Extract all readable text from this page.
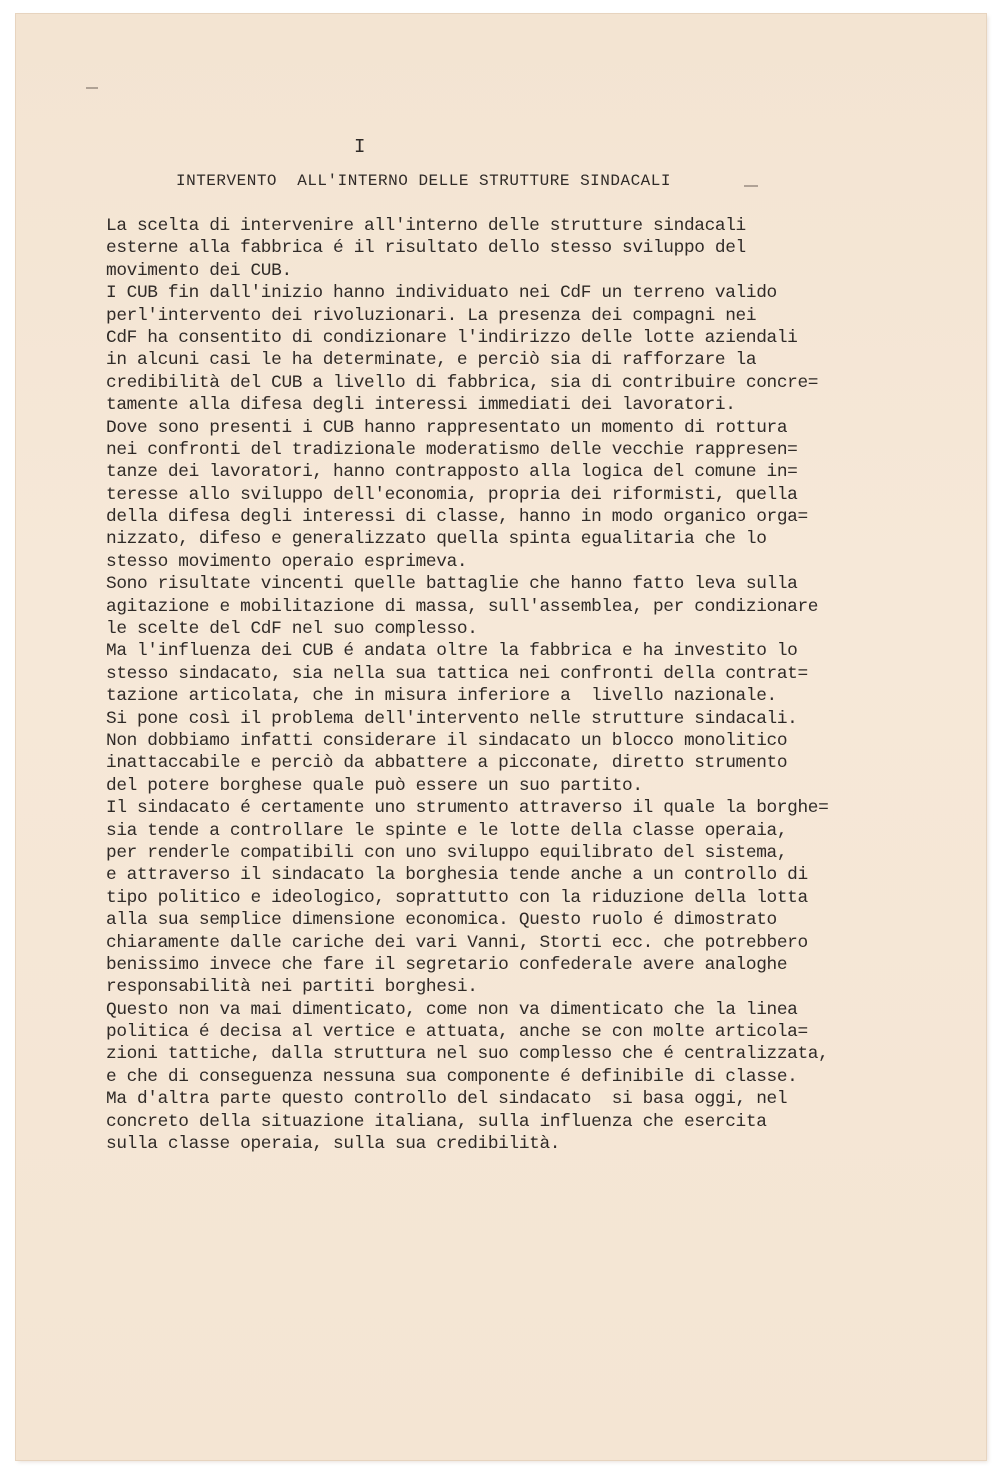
I
INTERVENTO  ALL'INTERNO DELLE STRUTTURE SINDACALI
La scelta di intervenire all'interno delle strutture sindacali
esterne alla fabbrica é il risultato dello stesso sviluppo del
movimento dei CUB.
I CUB fin dall'inizio hanno individuato nei CdF un terreno valido
perl'intervento dei rivoluzionari. La presenza dei compagni nei
CdF ha consentito di condizionare l'indirizzo delle lotte aziendali
in alcuni casi le ha determinate, e perciò sia di rafforzare la
credibilità del CUB a livello di fabbrica, sia di contribuire concre=
tamente alla difesa degli interessi immediati dei lavoratori.
Dove sono presenti i CUB hanno rappresentato un momento di rottura
nei confronti del tradizionale moderatismo delle vecchie rappresen=
tanze dei lavoratori, hanno contrapposto alla logica del comune in=
teresse allo sviluppo dell'economia, propria dei riformisti, quella
della difesa degli interessi di classe, hanno in modo organico orga=
nizzato, difeso e generalizzato quella spinta egualitaria che lo
stesso movimento operaio esprimeva.
Sono risultate vincenti quelle battaglie che hanno fatto leva sulla
agitazione e mobilitazione di massa, sull'assemblea, per condizionare
le scelte del CdF nel suo complesso.
Ma l'influenza dei CUB é andata oltre la fabbrica e ha investito lo
stesso sindacato, sia nella sua tattica nei confronti della contrat=
tazione articolata, che in misura inferiore a  livello nazionale.
Si pone così il problema dell'intervento nelle strutture sindacali.
Non dobbiamo infatti considerare il sindacato un blocco monolitico
inattaccabile e perciò da abbattere a picconate, diretto strumento
del potere borghese quale può essere un suo partito.
Il sindacato é certamente uno strumento attraverso il quale la borghe=
sia tende a controllare le spinte e le lotte della classe operaia,
per renderle compatibili con uno sviluppo equilibrato del sistema,
e attraverso il sindacato la borghesia tende anche a un controllo di
tipo politico e ideologico, soprattutto con la riduzione della lotta
alla sua semplice dimensione economica. Questo ruolo é dimostrato
chiaramente dalle cariche dei vari Vanni, Storti ecc. che potrebbero
benissimo invece che fare il segretario confederale avere analoghe
responsabilità nei partiti borghesi.
Questo non va mai dimenticato, come non va dimenticato che la linea
politica é decisa al vertice e attuata, anche se con molte articola=
zioni tattiche, dalla struttura nel suo complesso che é centralizzata,
e che di conseguenza nessuna sua componente é definibile di classe.
Ma d'altra parte questo controllo del sindacato  si basa oggi, nel
concreto della situazione italiana, sulla influenza che esercita
sulla classe operaia, sulla sua credibilità.
